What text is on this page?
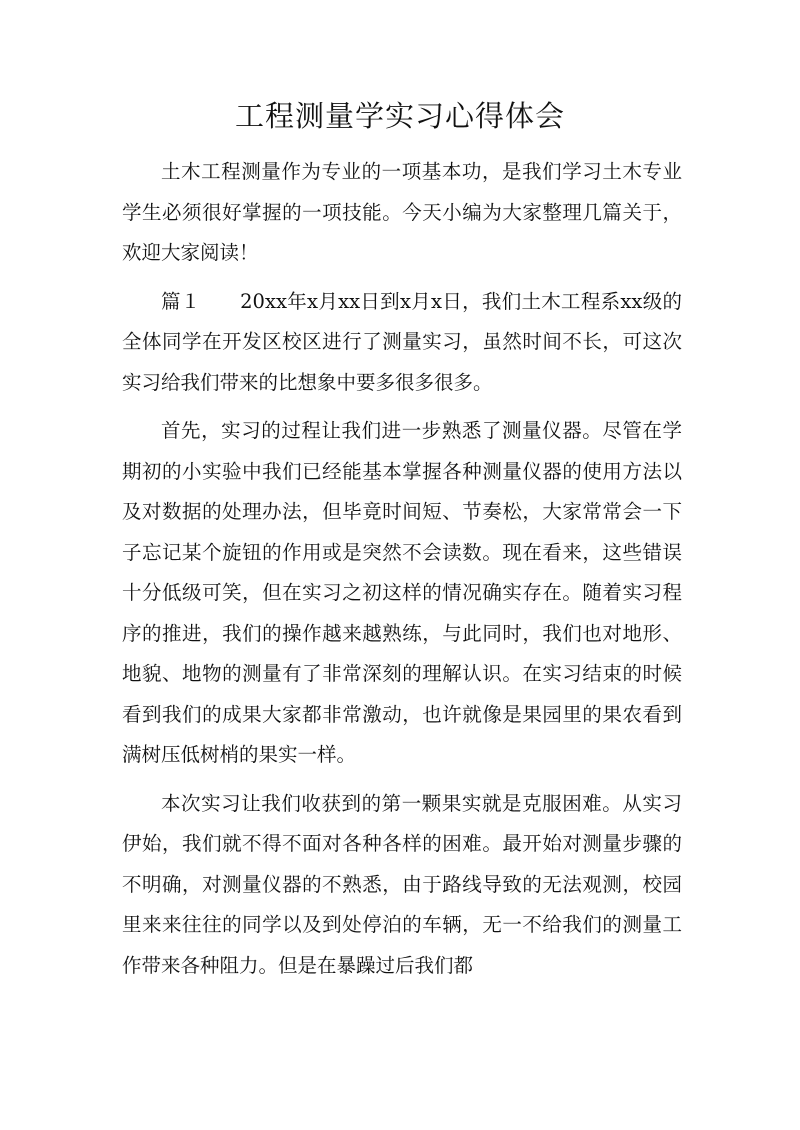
工程测量学实习心得体会

土木工程测量作为专业的一项基本功，是我们学习土木专业学生必须很好掌握的一项技能。今天小编为大家整理几篇关于，欢迎大家阅读！

篇１　　20xx年x月xx日到x月x日，我们土木工程系xx级的全体同学在开发区校区进行了测量实习，虽然时间不长，可这次实习给我们带来的比想象中要多很多很多。

首先，实习的过程让我们进一步熟悉了测量仪器。尽管在学期初的小实验中我们已经能基本掌握各种测量仪器的使用方法以及对数据的处理办法，但毕竟时间短、节奏松，大家常常会一下子忘记某个旋钮的作用或是突然不会读数。现在看来，这些错误十分低级可笑，但在实习之初这样的情况确实存在。随着实习程序的推进，我们的操作越来越熟练，与此同时，我们也对地形、地貌、地物的测量有了非常深刻的理解认识。在实习结束的时候看到我们的成果大家都非常激动，也许就像是果园里的果农看到满树压低树梢的果实一样。

本次实习让我们收获到的第一颗果实就是克服困难。从实习伊始，我们就不得不面对各种各样的困难。最开始对测量步骤的不明确，对测量仪器的不熟悉，由于路线导致的无法观测，校园里来来往往的同学以及到处停泊的车辆，无一不给我们的测量工作带来各种阻力。但是在暴躁过后我们都
